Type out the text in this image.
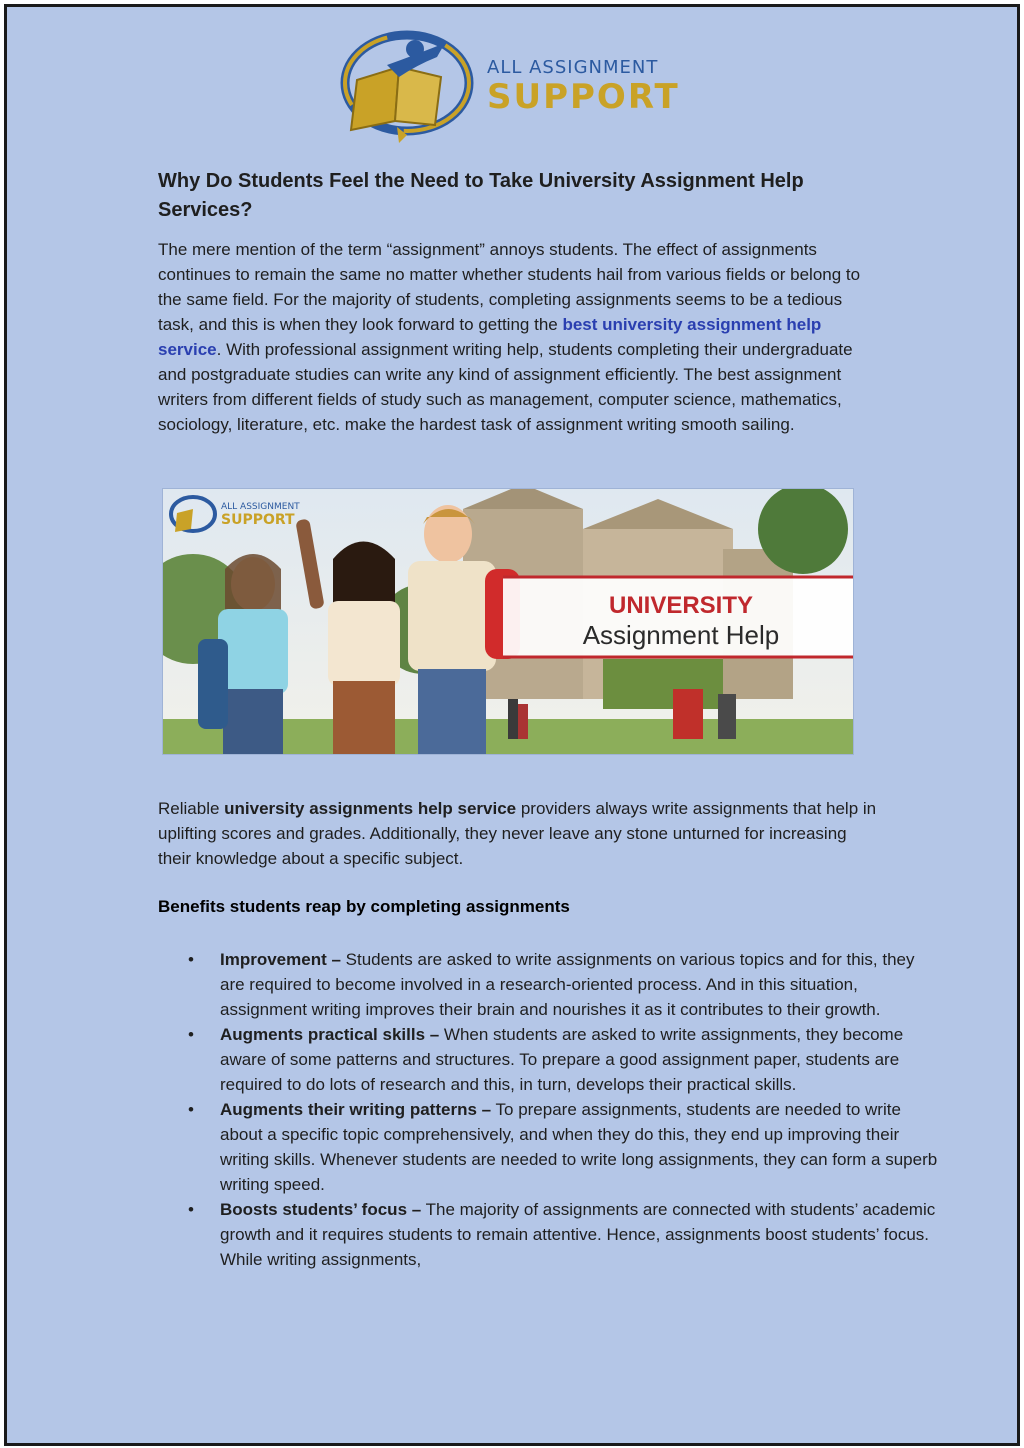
ALL ASSIGNMENT
SUPPORT
Why Do Students Feel the Need to Take University Assignment Help Services?

The mere mention of the term “assignment” annoys students. The effect of assignments continues to remain the same no matter whether students hail from various fields or belong to the same field. For the majority of students, completing assignments seems to be a tedious task, and this is when they look forward to getting the best university assignment help service. With professional assignment writing help, students completing their undergraduate and postgraduate studies can write any kind of assignment efficiently. The best assignment writers from different fields of study such as management, computer science, mathematics, sociology, literature, etc. make the hardest task of assignment writing smooth sailing.

UNIVERSITY
Assignment Help
ALL ASSIGNMENT
SUPPORT

Reliable university assignments help service providers always write assignments that help in uplifting scores and grades. Additionally, they never leave any stone unturned for increasing their knowledge about a specific subject.

Benefits students reap by completing assignments

• Improvement – Students are asked to write assignments on various topics and for this, they are required to become involved in a research-oriented process. And in this situation, assignment writing improves their brain and nourishes it as it contributes to their growth.
• Augments practical skills – When students are asked to write assignments, they become aware of some patterns and structures. To prepare a good assignment paper, students are required to do lots of research and this, in turn, develops their practical skills.
• Augments their writing patterns – To prepare assignments, students are needed to write about a specific topic comprehensively, and when they do this, they end up improving their writing skills. Whenever students are needed to write long assignments, they can form a superb writing speed.
• Boosts students’ focus – The majority of assignments are connected with students’ academic growth and it requires students to remain attentive. Hence, assignments boost students’ focus. While writing assignments,
